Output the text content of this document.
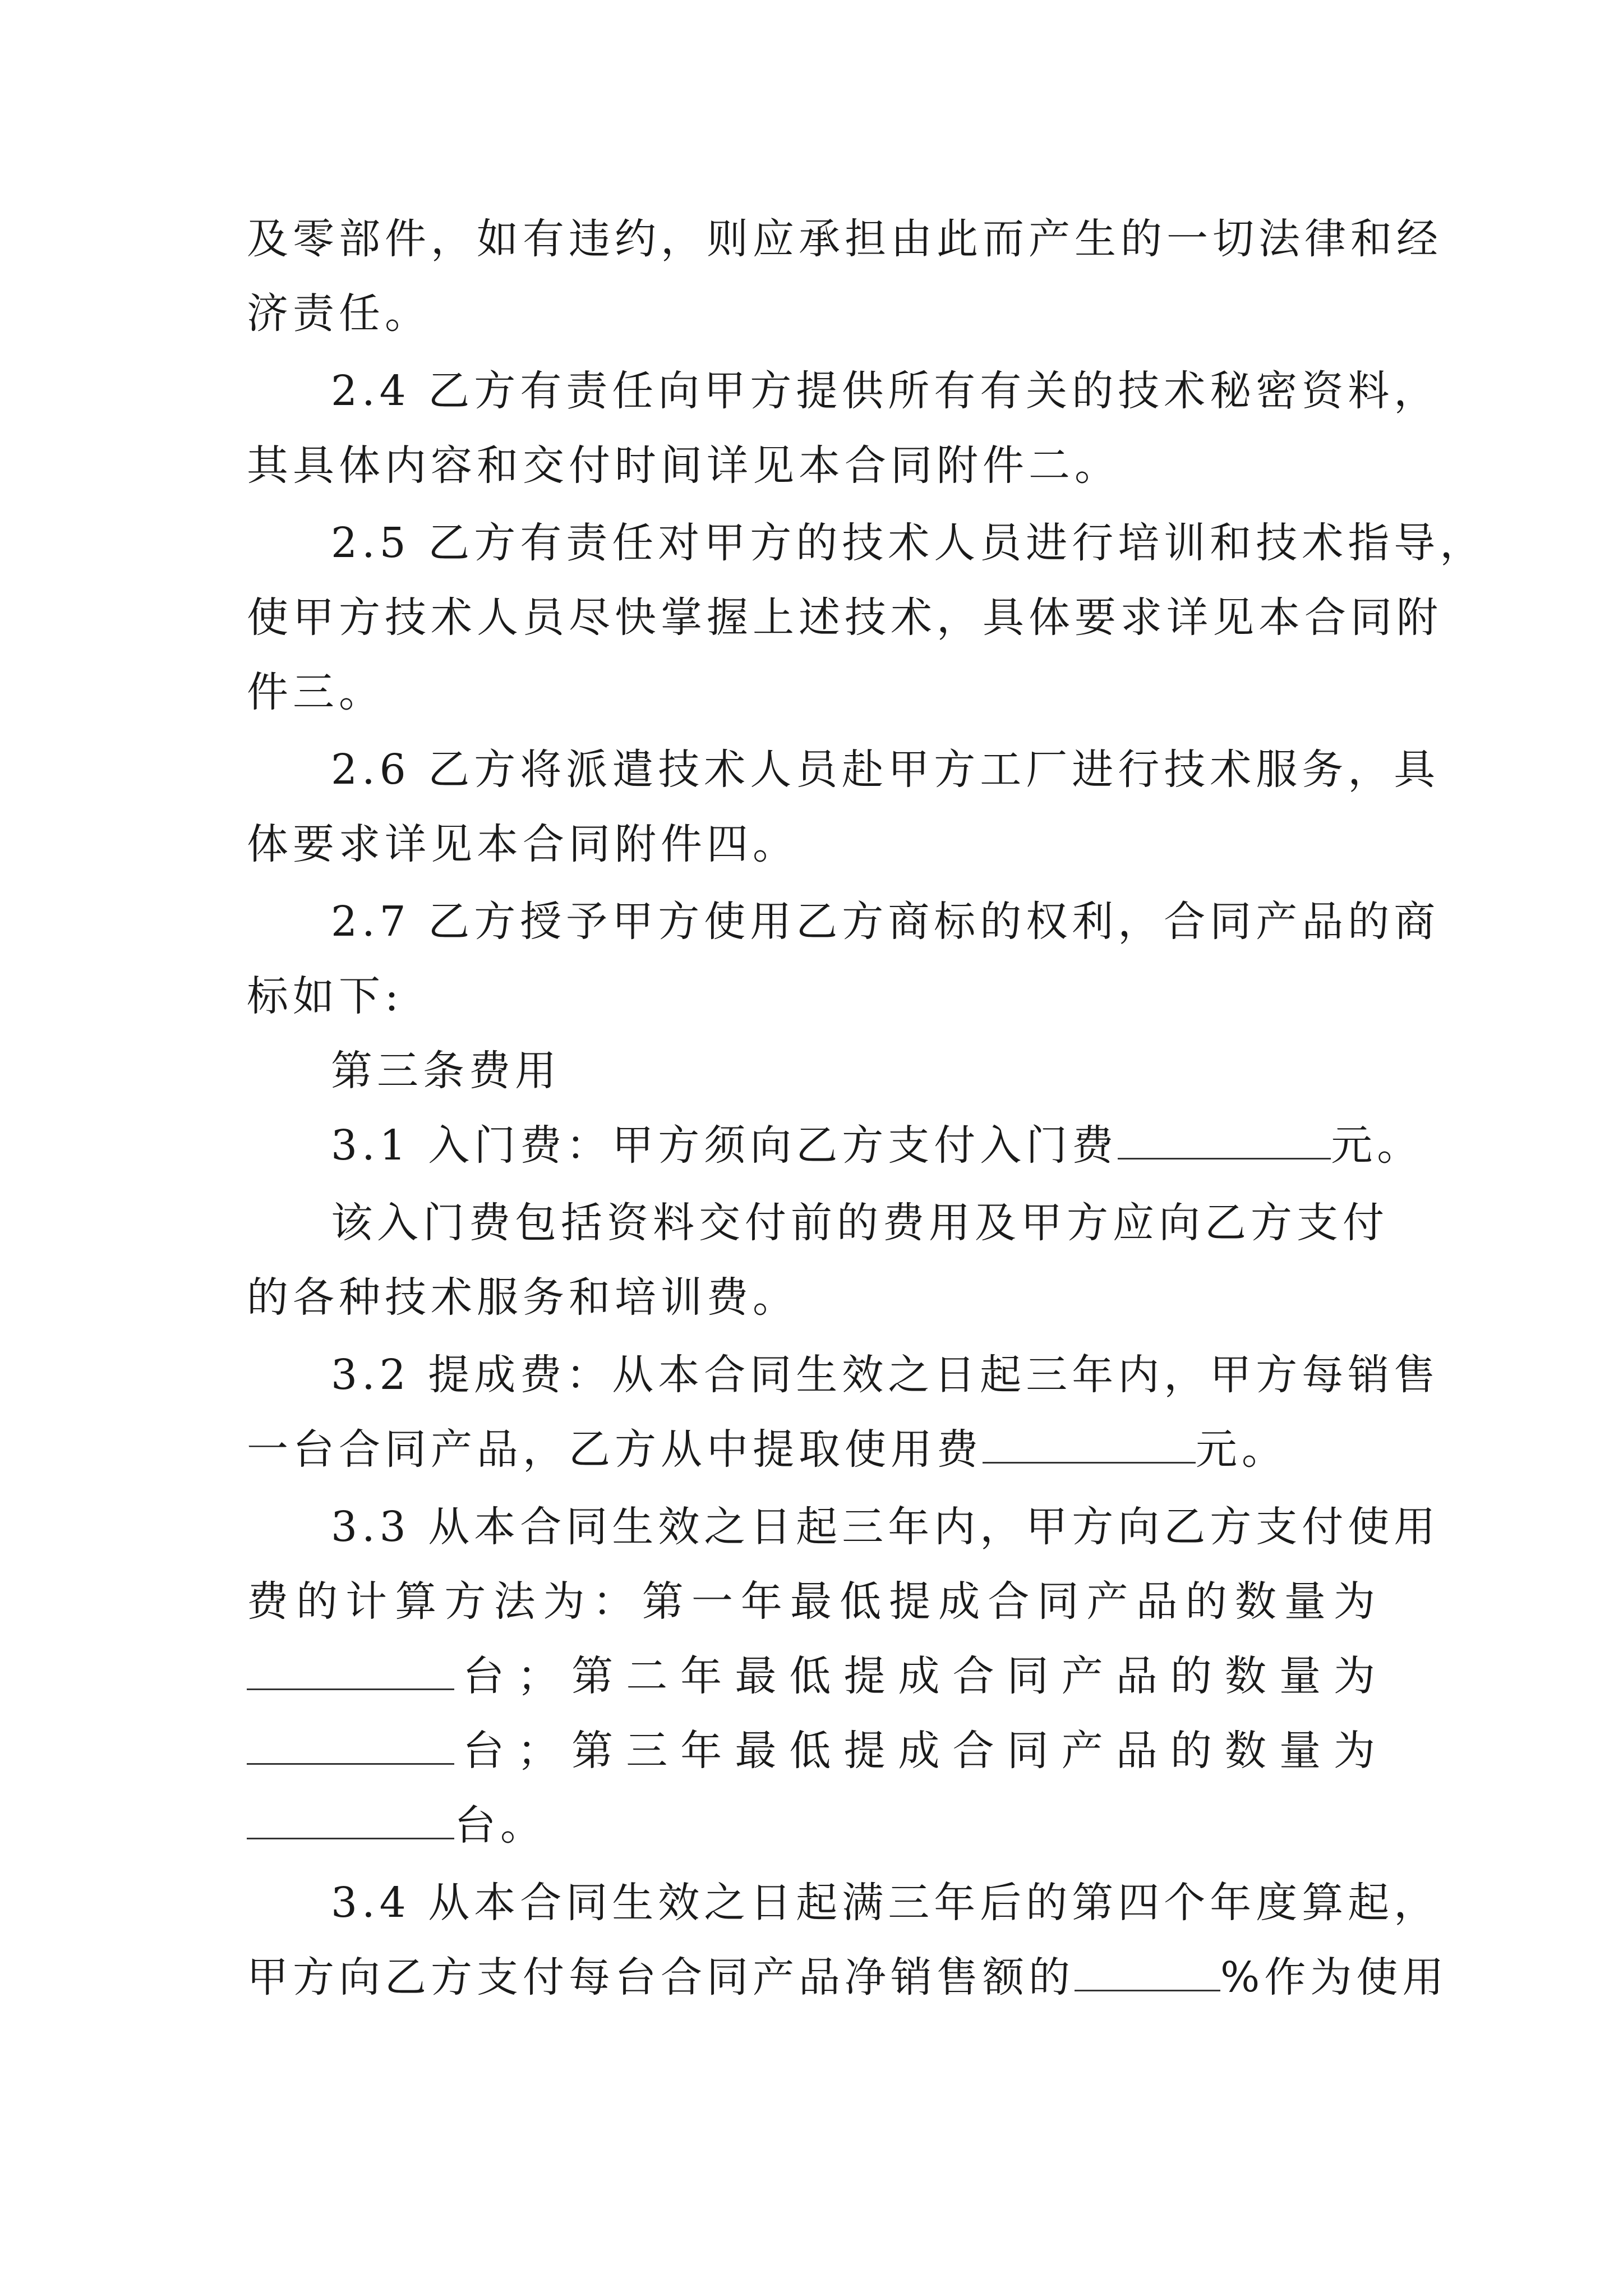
及零部件，如有违约，则应承担由此而产生的一切法律和经
济责任。
2.4 乙方有责任向甲方提供所有有关的技术秘密资料，
其具体内容和交付时间详见本合同附件二。
2.5 乙方有责任对甲方的技术人员进行培训和技术指导，
使甲方技术人员尽快掌握上述技术，具体要求详见本合同附
件三。
2.6 乙方将派遣技术人员赴甲方工厂进行技术服务，具
体要求详见本合同附件四。
2.7 乙方授予甲方使用乙方商标的权利，合同产品的商
标如下:
第三条费用
3.1 入门费：甲方须向乙方支付入门费	元。
该入门费包括资料交付前的费用及甲方应向乙方支付
的各种技术服务和培训费。
3.2 提成费：从本合同生效之日起三年内，甲方每销售
一台合同产品，乙方从中提取使用费	元。
3.3 从本合同生效之日起三年内，甲方向乙方支付使用
费的计算方法为：第一年最低提成合同产品的数量为
台；第二年最低提成合同产品的数量为
台；第三年最低提成合同产品的数量为
台。
3.4 从本合同生效之日起满三年后的第四个年度算起，
甲方向乙方支付每台合同产品净销售额的	%作为使用
